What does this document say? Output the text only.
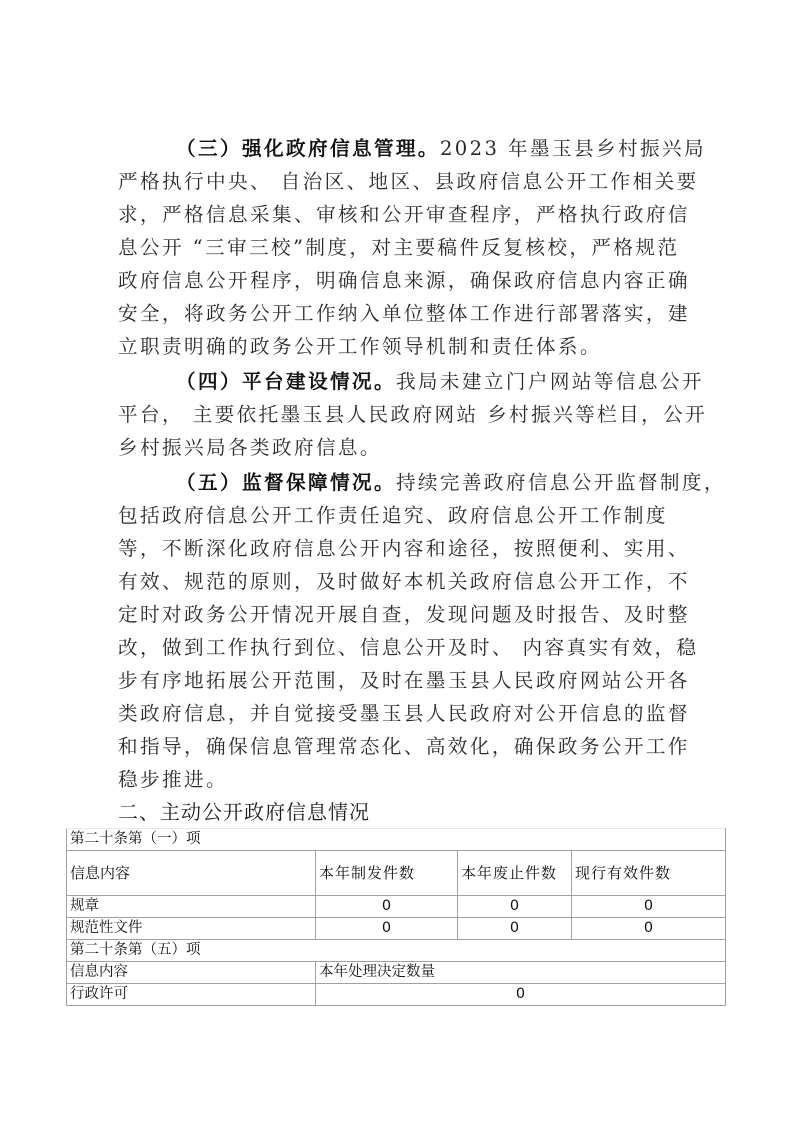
（三）强化政府信息管理。2023 年墨玉县乡村振兴局
严格执行中央、 自治区、地区、县政府信息公开工作相关要
求，严格信息采集、审核和公开审查程序，严格执行政府信
息公开 “三审三校”制度，对主要稿件反复核校，严格规范
政府信息公开程序，明确信息来源，确保政府信息内容正确
安全，将政务公开工作纳入单位整体工作进行部署落实，建
立职责明确的政务公开工作领导机制和责任体系。

（四）平台建设情况。我局未建立门户网站等信息公开
平台， 主要依托墨玉县人民政府网站 乡村振兴等栏目，公开
乡村振兴局各类政府信息。

（五）监督保障情况。持续完善政府信息公开监督制度，
包括政府信息公开工作责任追究、政府信息公开工作制度
等，不断深化政府信息公开内容和途径，按照便利、实用、
有效、规范的原则，及时做好本机关政府信息公开工作，不
定时对政务公开情况开展自查，发现问题及时报告、及时整
改，做到工作执行到位、信息公开及时、 内容真实有效，稳
步有序地拓展公开范围，及时在墨玉县人民政府网站公开各
类政府信息，并自觉接受墨玉县人民政府对公开信息的监督
和指导，确保信息管理常态化、高效化，确保政务公开工作
稳步推进。

二、主动公开政府信息情况
第二十条第（一）项			
信息内容	本年制发件数	本年废止件数	现行有效件数
规章	0	0	0
规范性文件	0	0	0
第二十条第（五）项			
信息内容	本年处理决定数量		
行政许可	0		
